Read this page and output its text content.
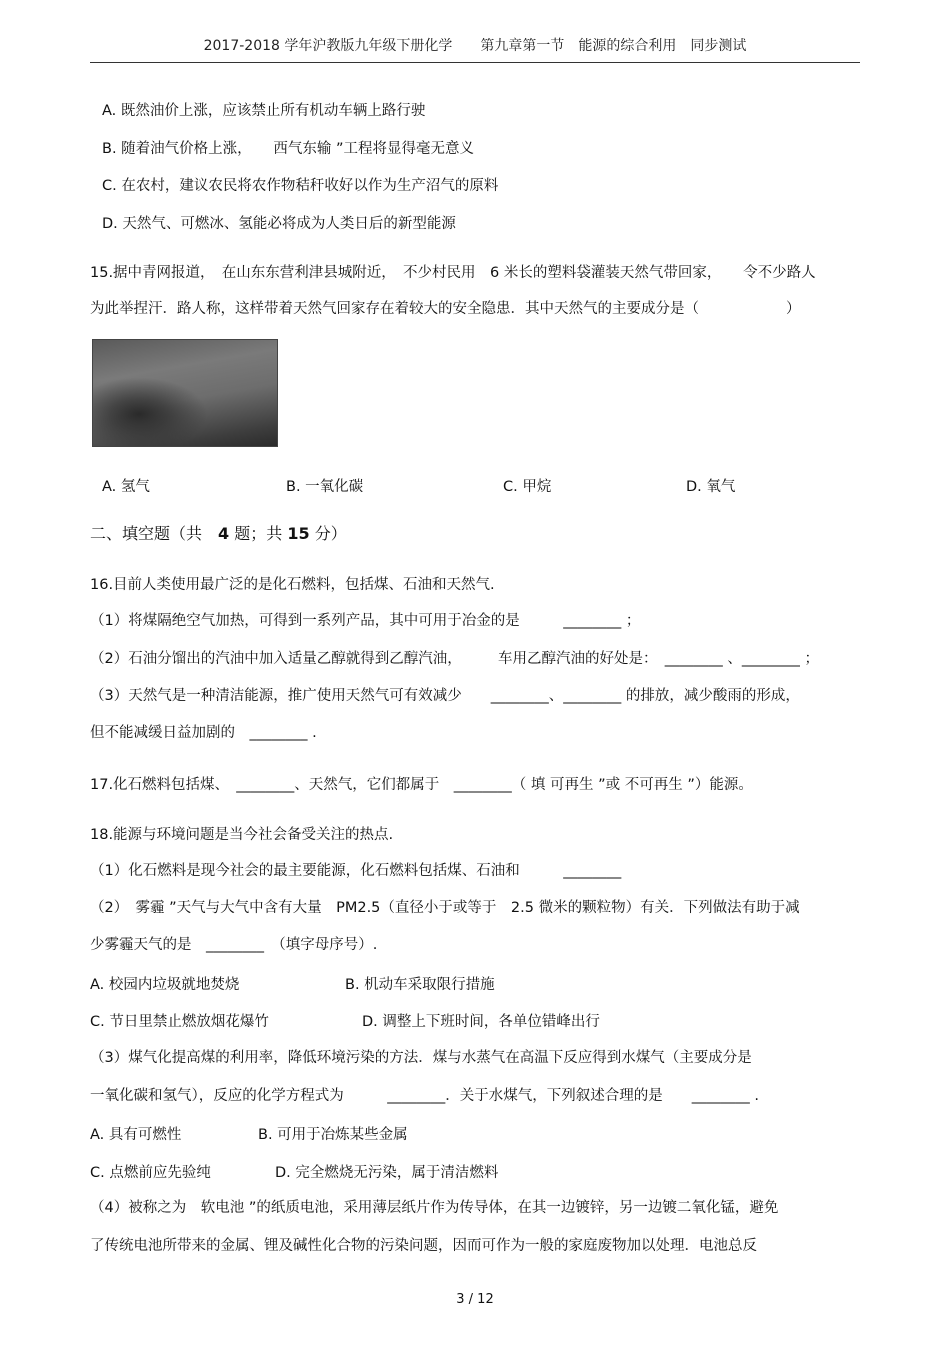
2017-2018 学年沪教版九年级下册化学　　第九章第一节　能源的综合利用　同步测试
A. 既然油价上涨，应该禁止所有机动车辆上路行驶
B. 随着油气价格上涨，　　西气东输 ”工程将显得毫无意义
C. 在农村，建议农民将农作物秸秆收好以作为生产沼气的原料
D. 天然气、可燃冰、氢能必将成为人类日后的新型能源
15.据中青网报道，　在山东东营利津县城附近，　不少村民用　6 米长的塑料袋灌装天然气带回家，　　令不少路人
为此举捏汗．路人称，这样带着天然气回家存在着较大的安全隐患．其中天然气的主要成分是（　　　　　　）
A. 氢气	B. 一氧化碳	C. 甲烷	D. 氧气
二、填空题（共　4 题；共 15 分）
16.目前人类使用最广泛的是化石燃料，包括煤、石油和天然气.
（1）将煤隔绝空气加热，可得到一系列产品，其中可用于冶金的是　　　________ ；
（2）石油分馏出的汽油中加入适量乙醇就得到乙醇汽油，　　　车用乙醇汽油的好处是：　________ 、________ ；
（3）天然气是一种清洁能源，推广使用天然气可有效减少　　________、________ 的排放，减少酸雨的形成，
但不能减缓日益加剧的　________ .
17.化石燃料包括煤、　________、天然气，它们都属于　________（ 填 可再生 ”或 不可再生 ”）能源。
18.能源与环境问题是当今社会备受关注的热点.
（1）化石燃料是现今社会的最主要能源，化石燃料包括煤、石油和　　　________
（2）　雾霾 ”天气与大气中含有大量　PM2.5（直径小于或等于　2.5 微米的颗粒物）有关．下列做法有助于减
少雾霾天气的是　________　（填字母序号）.
A. 校园内垃圾就地焚烧	B. 机动车采取限行措施
C. 节日里禁止燃放烟花爆竹	D. 调整上下班时间，各单位错峰出行
（3）煤气化提高煤的利用率，降低环境污染的方法．煤与水蒸气在高温下反应得到水煤气（主要成分是
一氧化碳和氢气），反应的化学方程式为　　　________．关于水煤气，下列叙述合理的是　　________ .
A. 具有可燃性	B. 可用于冶炼某些金属
C. 点燃前应先验纯	D. 完全燃烧无污染，属于清洁燃料
（4）被称之为　软电池 ”的纸质电池，采用薄层纸片作为传导体，在其一边镀锌，另一边镀二氧化锰，避免
了传统电池所带来的金属、锂及碱性化合物的污染问题，因而可作为一般的家庭废物加以处理．电池总反
3 / 12
